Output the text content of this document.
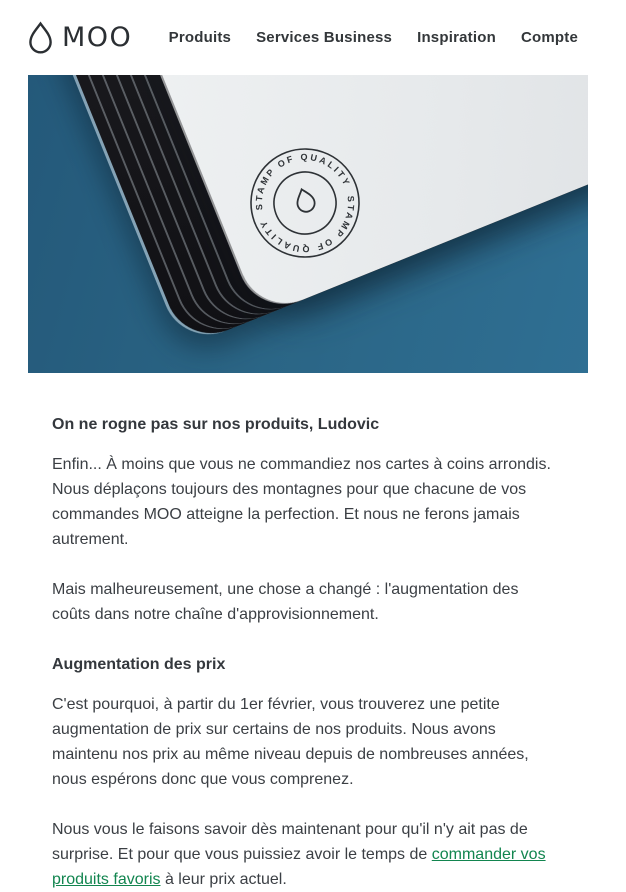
MOO Produits Services Business Inspiration Compte
STAMP OF QUALITY
STAMP OF QUALITY
On ne rogne pas sur nos produits, Ludovic

Enfin... À moins que vous ne commandiez nos cartes à coins arrondis. Nous déplaçons toujours des montagnes pour que chacune de vos commandes MOO atteigne la perfection. Et nous ne ferons jamais autrement.

Mais malheureusement, une chose a changé : l'augmentation des coûts dans notre chaîne d'approvisionnement.

Augmentation des prix

C'est pourquoi, à partir du 1er février, vous trouverez une petite augmentation de prix sur certains de nos produits. Nous avons maintenu nos prix au même niveau depuis de nombreuses années, nous espérons donc que vous comprenez.

Nous vous le faisons savoir dès maintenant pour qu'il n'y ait pas de surprise. Et pour que vous puissiez avoir le temps de commander vos produits favoris à leur prix actuel.
